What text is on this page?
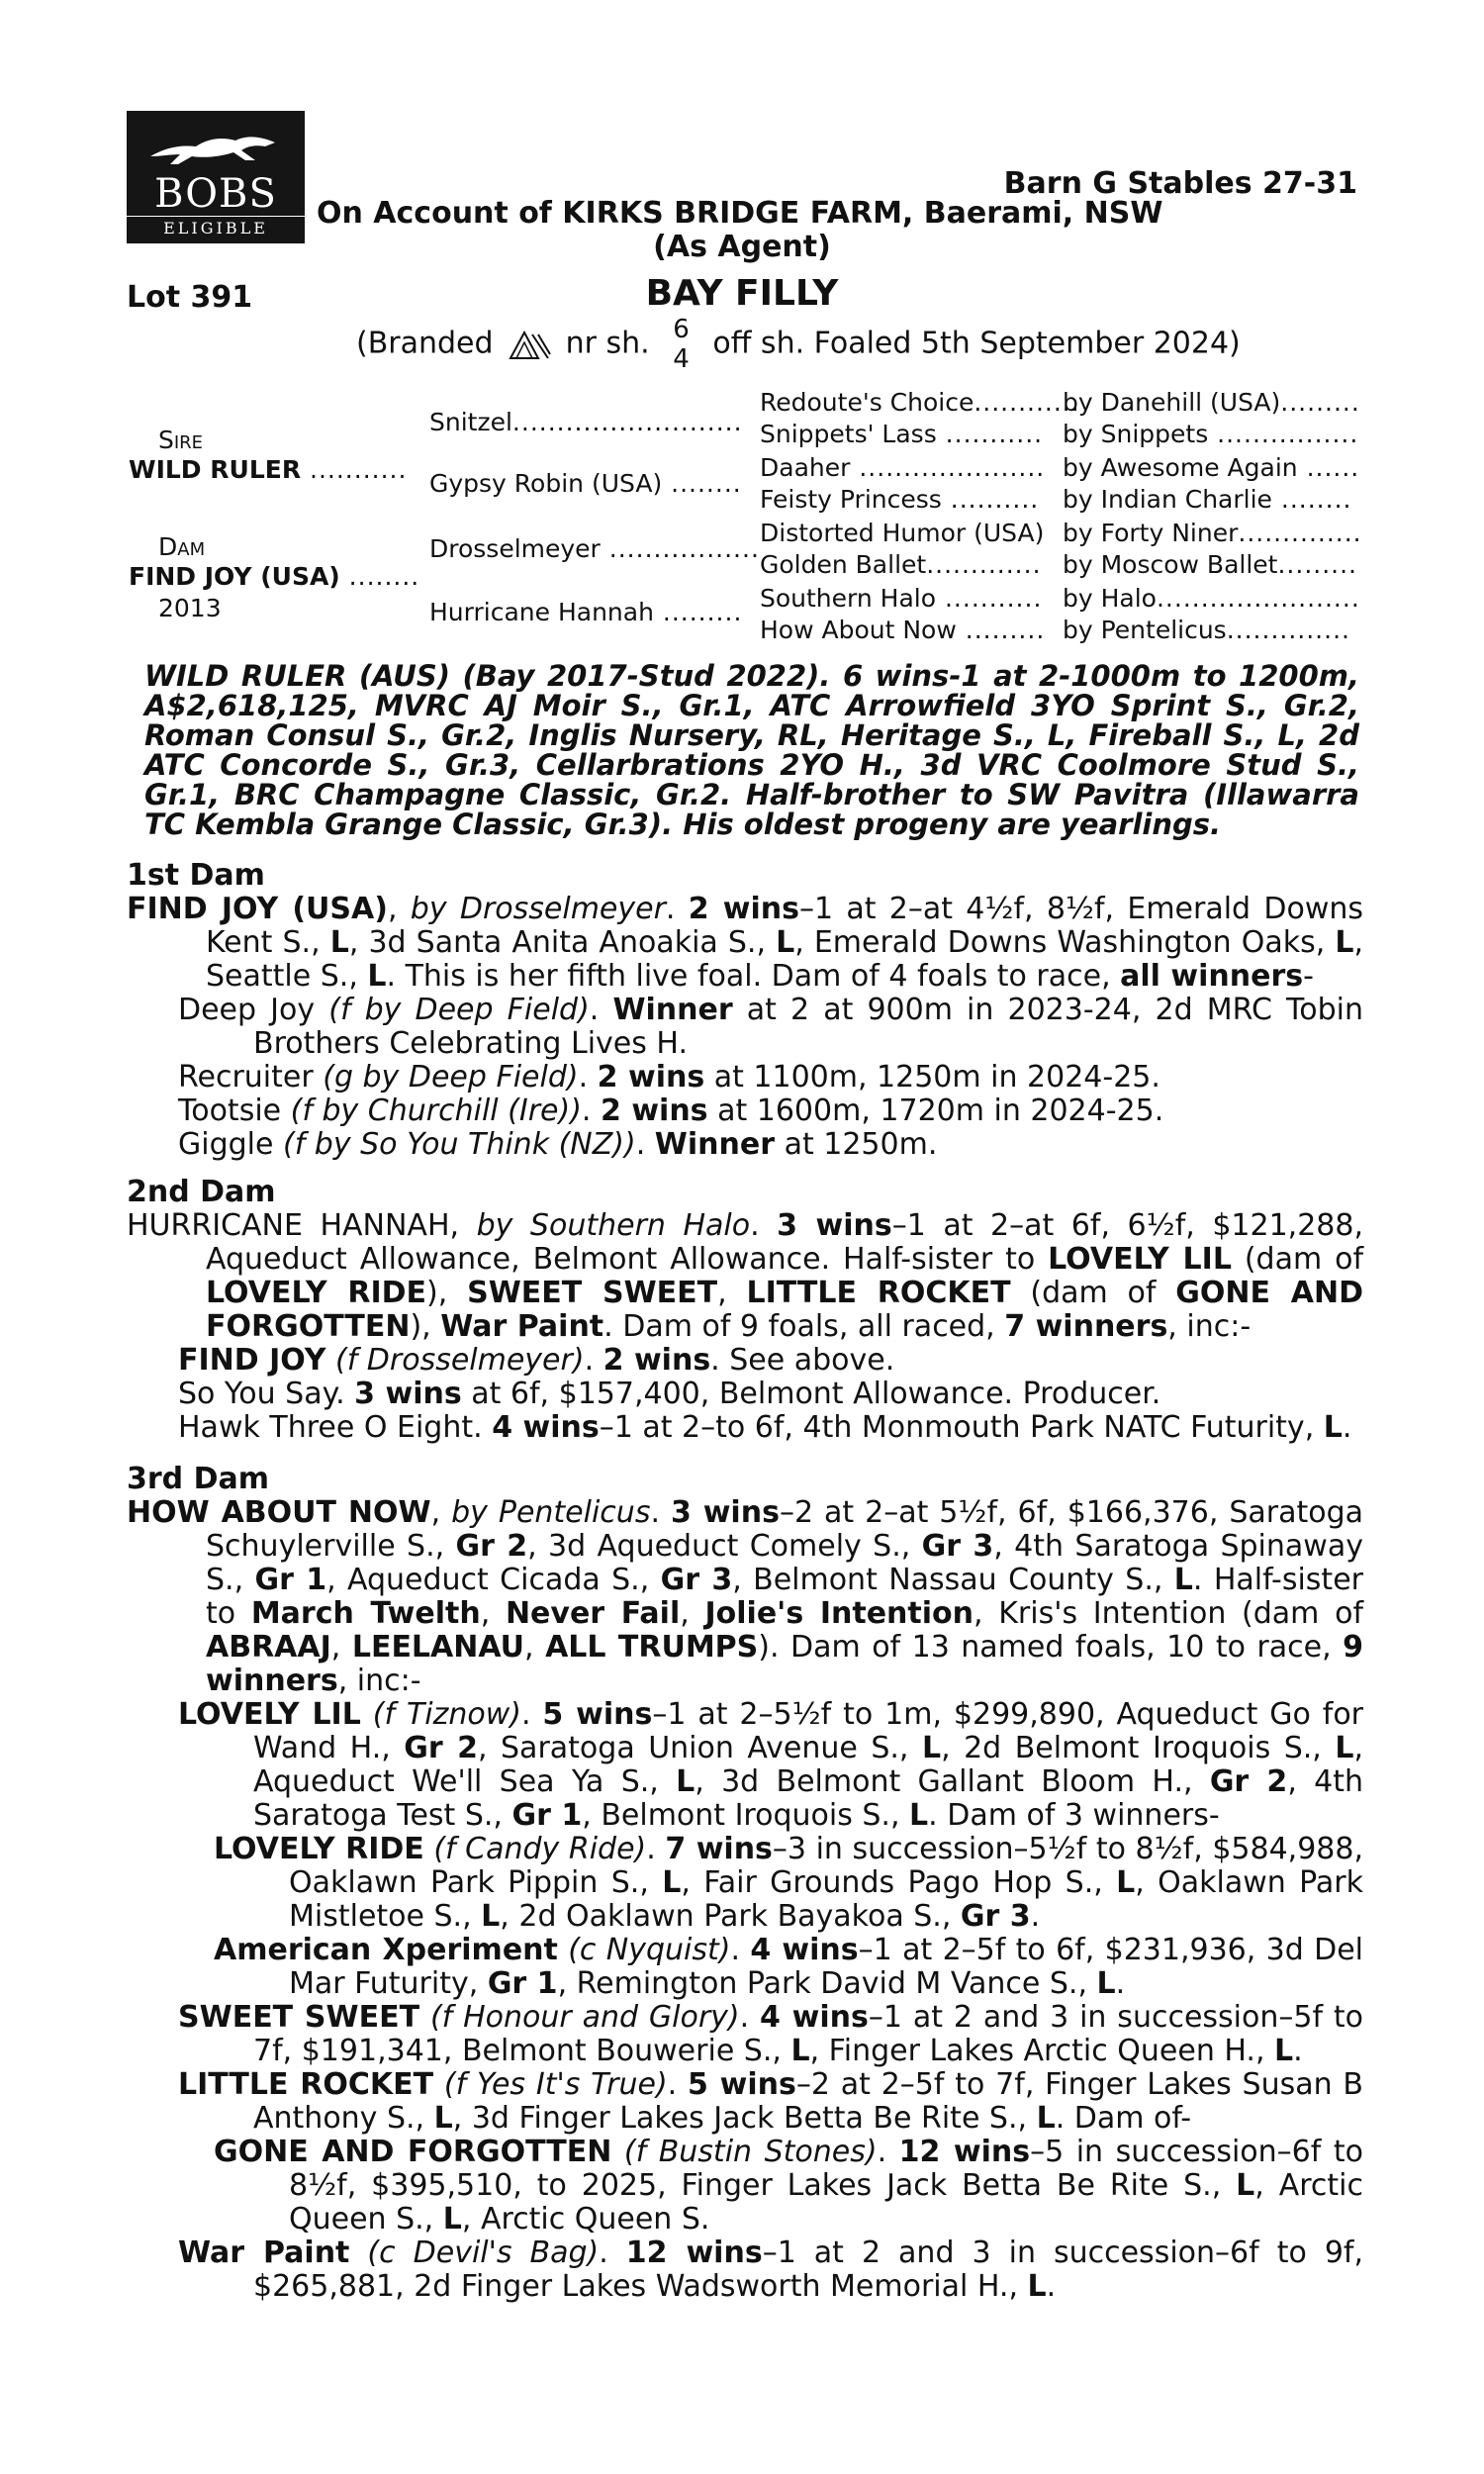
BOBS
ELIGIBLE
Barn G Stables 27-31
On Account of KIRKS BRIDGE FARM, Baerami, NSW
(As Agent)
Lot 391	BAY FILLY
(Branded nr sh. 6
4 off sh. Foaled 5th September 2024)
Sire
WILD RULER ...........
Dam
FIND JOY (USA) ........
2013
Snitzel..........................
Gypsy Robin (USA) ........
Drosselmeyer .................
Hurricane Hannah .........
Redoute's Choice............
Snippets' Lass ...........
Daaher .....................
Feisty Princess ..........
Distorted Humor (USA)
Golden Ballet.............
Southern Halo ...........
How About Now .........
by Danehill (USA).........
by Snippets ................
by Awesome Again ......
by Indian Charlie ........
by Forty Niner..............
by Moscow Ballet.........
by Halo.......................
by Pentelicus..............
WILD RULER (AUS) (Bay 2017-Stud 2022). 6 wins-1 at 2-1000m to 1200m, A$2,618,125, MVRC AJ Moir S., Gr.1, ATC Arrowfield 3YO Sprint S., Gr.2, Roman Consul S., Gr.2, Inglis Nursery, RL, Heritage S., L, Fireball S., L, 2d ATC Concorde S., Gr.3, Cellarbrations 2YO H., 3d VRC Coolmore Stud S., Gr.1, BRC Champagne Classic, Gr.2. Half-brother to SW Pavitra (Illawarra TC Kembla Grange Classic, Gr.3). His oldest progeny are yearlings.
1st Dam

FIND JOY (USA), by Drosselmeyer. 2 wins–1 at 2–at 4½f, 8½f, Emerald Downs Kent S., L, 3d Santa Anita Anoakia S., L, Emerald Downs Washington Oaks, L, Seattle S., L. This is her fifth live foal. Dam of 4 foals to race, all winners-

Deep Joy (f by Deep Field). Winner at 2 at 900m in 2023-24, 2d MRC Tobin Brothers Celebrating Lives H.

Recruiter (g by Deep Field). 2 wins at 1100m, 1250m in 2024-25.

Tootsie (f by Churchill (Ire)). 2 wins at 1600m, 1720m in 2024-25.

Giggle (f by So You Think (NZ)). Winner at 1250m.

2nd Dam

HURRICANE HANNAH, by Southern Halo. 3 wins–1 at 2–at 6f, 6½f, $121,288, Aqueduct Allowance, Belmont Allowance. Half-sister to LOVELY LIL (dam of LOVELY RIDE), SWEET SWEET, LITTLE ROCKET (dam of GONE AND FORGOTTEN), War Paint. Dam of 9 foals, all raced, 7 winners, inc:-

FIND JOY (f Drosselmeyer). 2 wins. See above.

So You Say. 3 wins at 6f, $157,400, Belmont Allowance. Producer.

Hawk Three O Eight. 4 wins–1 at 2–to 6f, 4th Monmouth Park NATC Futurity, L.

3rd Dam

HOW ABOUT NOW, by Pentelicus. 3 wins–2 at 2–at 5½f, 6f, $166,376, Saratoga Schuylerville S., Gr 2, 3d Aqueduct Comely S., Gr 3, 4th Saratoga Spinaway S., Gr 1, Aqueduct Cicada S., Gr 3, Belmont Nassau County S., L. Half-sister to March Twelth, Never Fail, Jolie's Intention, Kris's Intention (dam of ABRAAJ, LEELANAU, ALL TRUMPS). Dam of 13 named foals, 10 to race, 9 winners, inc:-

LOVELY LIL (f Tiznow). 5 wins–1 at 2–5½f to 1m, $299,890, Aqueduct Go for Wand H., Gr 2, Saratoga Union Avenue S., L, 2d Belmont Iroquois S., L, Aqueduct We'll Sea Ya S., L, 3d Belmont Gallant Bloom H., Gr 2, 4th Saratoga Test S., Gr 1, Belmont Iroquois S., L. Dam of 3 winners-

LOVELY RIDE (f Candy Ride). 7 wins–3 in succession–5½f to 8½f, $584,988, Oaklawn Park Pippin S., L, Fair Grounds Pago Hop S., L, Oaklawn Park Mistletoe S., L, 2d Oaklawn Park Bayakoa S., Gr 3.

American Xperiment (c Nyquist). 4 wins–1 at 2–5f to 6f, $231,936, 3d Del Mar Futurity, Gr 1, Remington Park David M Vance S., L.

SWEET SWEET (f Honour and Glory). 4 wins–1 at 2 and 3 in succession–5f to 7f, $191,341, Belmont Bouwerie S., L, Finger Lakes Arctic Queen H., L.

LITTLE ROCKET (f Yes It's True). 5 wins–2 at 2–5f to 7f, Finger Lakes Susan B Anthony S., L, 3d Finger Lakes Jack Betta Be Rite S., L. Dam of-

GONE AND FORGOTTEN (f Bustin Stones). 12 wins–5 in succession–6f to 8½f, $395,510, to 2025, Finger Lakes Jack Betta Be Rite S., L, Arctic Queen S., L, Arctic Queen S.

War Paint (c Devil's Bag). 12 wins–1 at 2 and 3 in succession–6f to 9f, $265,881, 2d Finger Lakes Wadsworth Memorial H., L.
